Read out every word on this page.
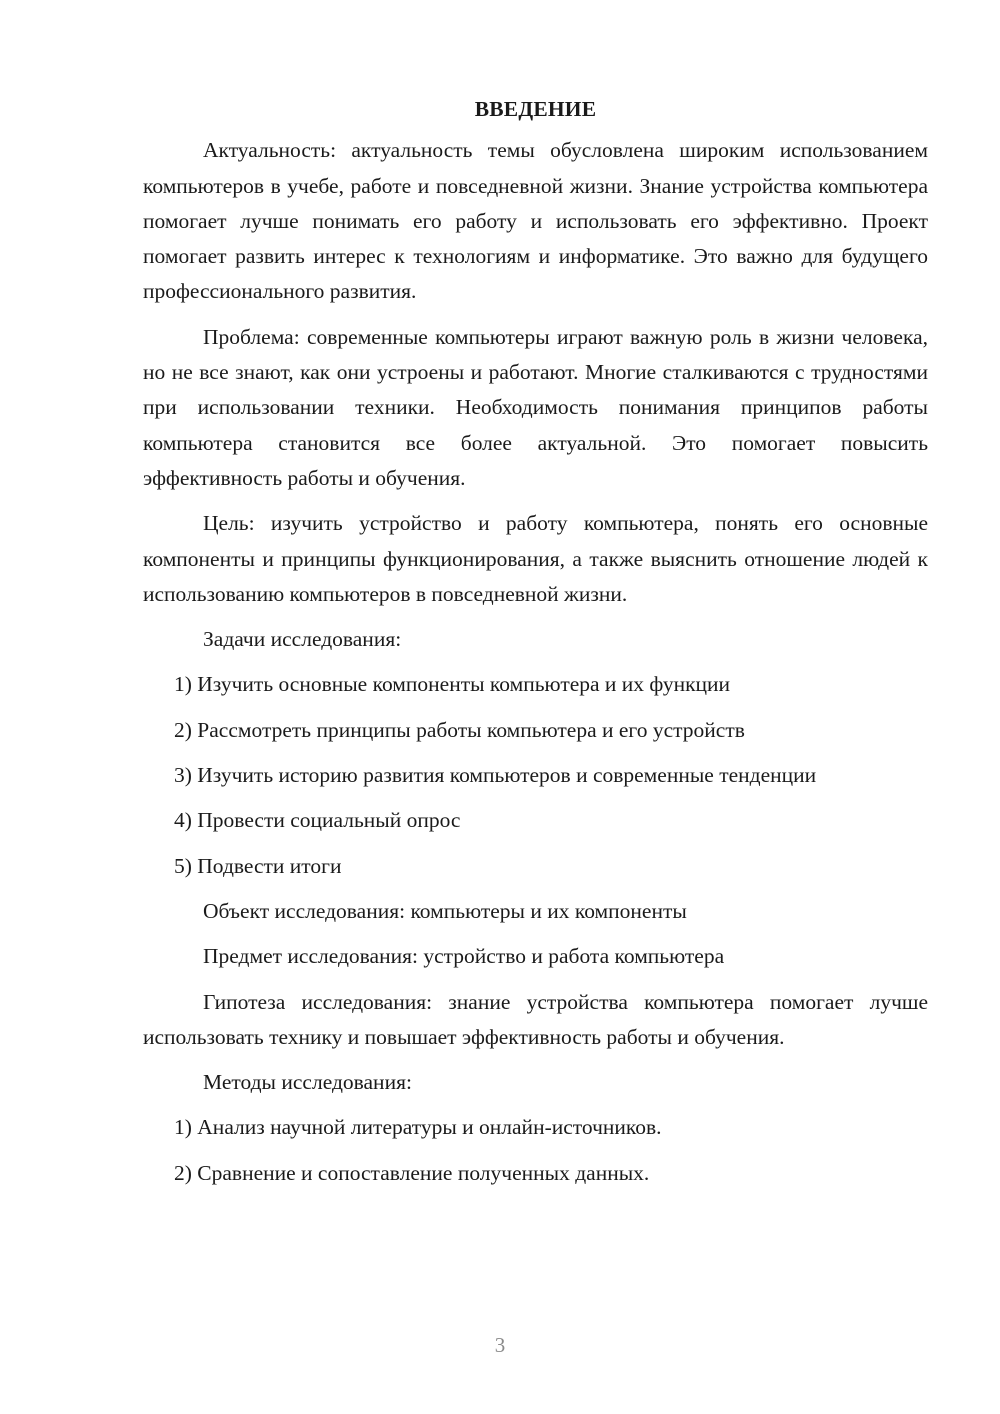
ВВЕДЕНИЕ

Актуальность: актуальность темы обусловлена широким использованием компьютеров в учебе, работе и повседневной жизни. Знание устройства компьютера помогает лучше понимать его работу и использовать его эффективно. Проект помогает развить интерес к технологиям и информатике. Это важно для будущего профессионального развития.

Проблема: современные компьютеры играют важную роль в жизни человека, но не все знают, как они устроены и работают. Многие сталкиваются с трудностями при использовании техники. Необходимость понимания принципов работы компьютера становится все более актуальной. Это помогает повысить эффективность работы и обучения.

Цель: изучить устройство и работу компьютера, понять его основные компоненты и принципы функционирования, а также выяснить отношение людей к использованию компьютеров в повседневной жизни.

Задачи исследования:

1) Изучить основные компоненты компьютера и их функции

2) Рассмотреть принципы работы компьютера и его устройств

3) Изучить историю развития компьютеров и современные тенденции

4) Провести социальный опрос

5) Подвести итоги

Объект исследования: компьютеры и их компоненты

Предмет исследования: устройство и работа компьютера

Гипотеза исследования: знание устройства компьютера помогает лучше использовать технику и повышает эффективность работы и обучения.

Методы исследования:

1) Анализ научной литературы и онлайн-источников.

2) Сравнение и сопоставление полученных данных.

3
